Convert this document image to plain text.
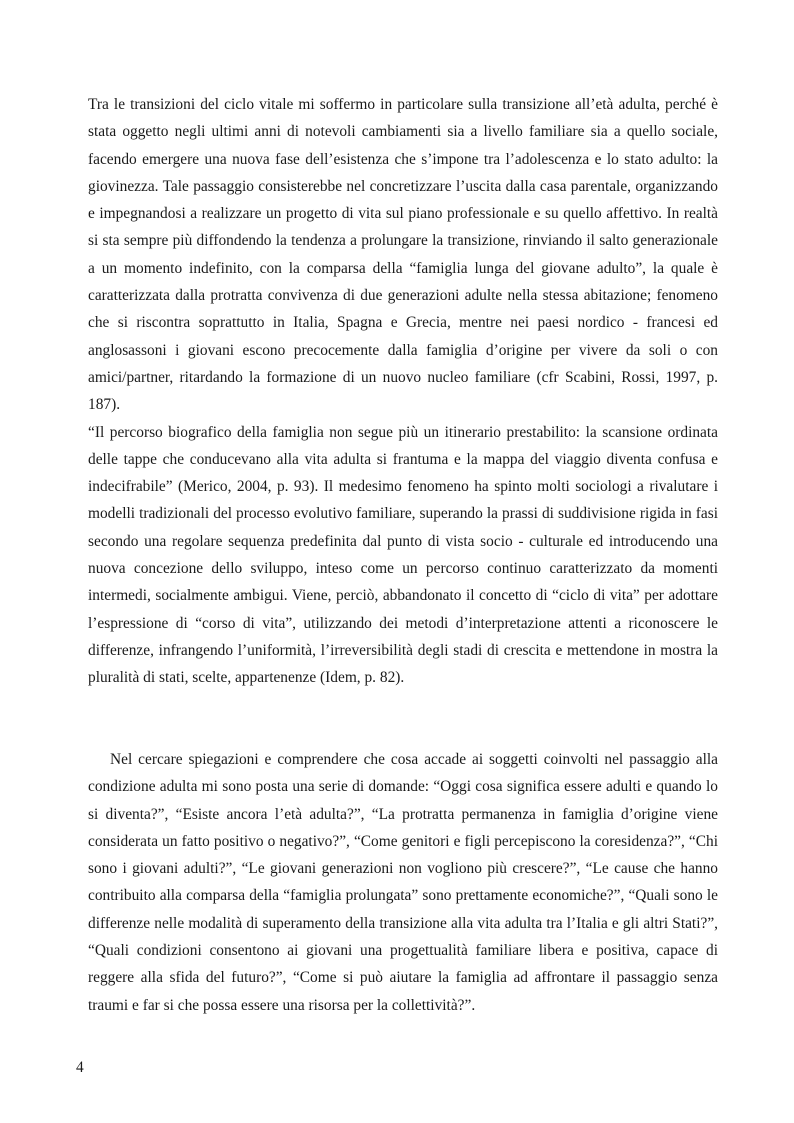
Tra le transizioni del ciclo vitale mi soffermo in particolare sulla transizione all’età adulta, perché è stata oggetto negli ultimi anni di notevoli cambiamenti sia a livello familiare sia a quello sociale, facendo emergere una nuova fase dell’esistenza che s’impone tra l’adolescenza e lo stato adulto: la giovinezza. Tale passaggio consisterebbe nel concretizzare l’uscita dalla casa parentale, organizzando e impegnandosi a realizzare un progetto di vita sul piano professionale e su quello affettivo. In realtà si sta sempre più diffondendo la tendenza a prolungare la transizione, rinviando il salto generazionale a un momento indefinito, con la comparsa della “famiglia lunga del giovane adulto”, la quale è caratterizzata dalla protratta convivenza di due generazioni adulte nella stessa abitazione; fenomeno che si riscontra soprattutto in Italia, Spagna e Grecia, mentre nei paesi nordico - francesi ed anglosassoni i giovani escono precocemente dalla famiglia d’origine per vivere da soli o con amici/partner, ritardando la formazione di un nuovo nucleo familiare (cfr Scabini, Rossi, 1997, p. 187).

“Il percorso biografico della famiglia non segue più un itinerario prestabilito: la scansione ordinata delle tappe che conducevano alla vita adulta si frantuma e la mappa del viaggio diventa confusa e indecifrabile” (Merico, 2004, p. 93). Il medesimo fenomeno ha spinto molti sociologi a rivalutare i modelli tradizionali del processo evolutivo familiare, superando la prassi di suddivisione rigida in fasi secondo una regolare sequenza predefinita dal punto di vista socio - culturale ed introducendo una nuova concezione dello sviluppo, inteso come un percorso continuo caratterizzato da momenti intermedi, socialmente ambigui. Viene, perciò, abbandonato il concetto di “ciclo di vita” per adottare l’espressione di “corso di vita”, utilizzando dei metodi d’interpretazione attenti a riconoscere le differenze, infrangendo l’uniformità, l’irreversibilità degli stadi di crescita e mettendone in mostra la pluralità di stati, scelte, appartenenze (Idem, p. 82).

Nel cercare spiegazioni e comprendere che cosa accade ai soggetti coinvolti nel passaggio alla condizione adulta mi sono posta una serie di domande: “Oggi cosa significa essere adulti e quando lo si diventa?”, “Esiste ancora l’età adulta?”, “La protratta permanenza in famiglia d’origine viene considerata un fatto positivo o negativo?”, “Come genitori e figli percepiscono la coresidenza?”, “Chi sono i giovani adulti?”, “Le giovani generazioni non vogliono più crescere?”, “Le cause che hanno contribuito alla comparsa della “famiglia prolungata” sono prettamente economiche?”, “Quali sono le differenze nelle modalità di superamento della transizione alla vita adulta tra l’Italia e gli altri Stati?”, “Quali condizioni consentono ai giovani una progettualità familiare libera e positiva, capace di reggere alla sfida del futuro?”, “Come si può aiutare la famiglia ad affrontare il passaggio senza traumi e far si che possa essere una risorsa per la collettività?”.

4
